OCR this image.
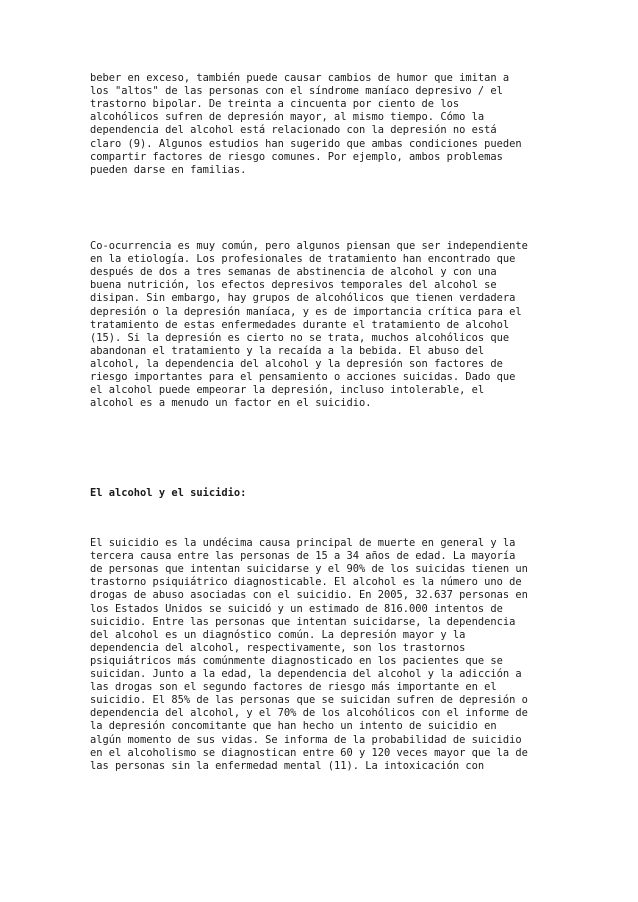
beber en exceso, también puede causar cambios de humor que imitan a
los "altos" de las personas con el síndrome maníaco depresivo / el
trastorno bipolar. De treinta a cincuenta por ciento de los
alcohólicos sufren de depresión mayor, al mismo tiempo. Cómo la
dependencia del alcohol está relacionado con la depresión no está
claro (9). Algunos estudios han sugerido que ambas condiciones pueden
compartir factores de riesgo comunes. Por ejemplo, ambos problemas
pueden darse en familias.
Co-ocurrencia es muy común, pero algunos piensan que ser independiente
en la etiología. Los profesionales de tratamiento han encontrado que
después de dos a tres semanas de abstinencia de alcohol y con una
buena nutrición, los efectos depresivos temporales del alcohol se
disipan. Sin embargo, hay grupos de alcohólicos que tienen verdadera
depresión o la depresión maníaca, y es de importancia crítica para el
tratamiento de estas enfermedades durante el tratamiento de alcohol
(15). Si la depresión es cierto no se trata, muchos alcohólicos que
abandonan el tratamiento y la recaída a la bebida. El abuso del
alcohol, la dependencia del alcohol y la depresión son factores de
riesgo importantes para el pensamiento o acciones suicidas. Dado que
el alcohol puede empeorar la depresión, incluso intolerable, el
alcohol es a menudo un factor en el suicidio.
El alcohol y el suicidio:
El suicidio es la undécima causa principal de muerte en general y la
tercera causa entre las personas de 15 a 34 años de edad. La mayoría
de personas que intentan suicidarse y el 90% de los suicidas tienen un
trastorno psiquiátrico diagnosticable. El alcohol es la número uno de
drogas de abuso asociadas con el suicidio. En 2005, 32.637 personas en
los Estados Unidos se suicidó y un estimado de 816.000 intentos de
suicidio. Entre las personas que intentan suicidarse, la dependencia
del alcohol es un diagnóstico común. La depresión mayor y la
dependencia del alcohol, respectivamente, son los trastornos
psiquiátricos más comúnmente diagnosticado en los pacientes que se
suicidan. Junto a la edad, la dependencia del alcohol y la adicción a
las drogas son el segundo factores de riesgo más importante en el
suicidio. El 85% de las personas que se suicidan sufren de depresión o
dependencia del alcohol, y el 70% de los alcohólicos con el informe de
la depresión concomitante que han hecho un intento de suicidio en
algún momento de sus vidas. Se informa de la probabilidad de suicidio
en el alcoholismo se diagnostican entre 60 y 120 veces mayor que la de
las personas sin la enfermedad mental (11). La intoxicación con
